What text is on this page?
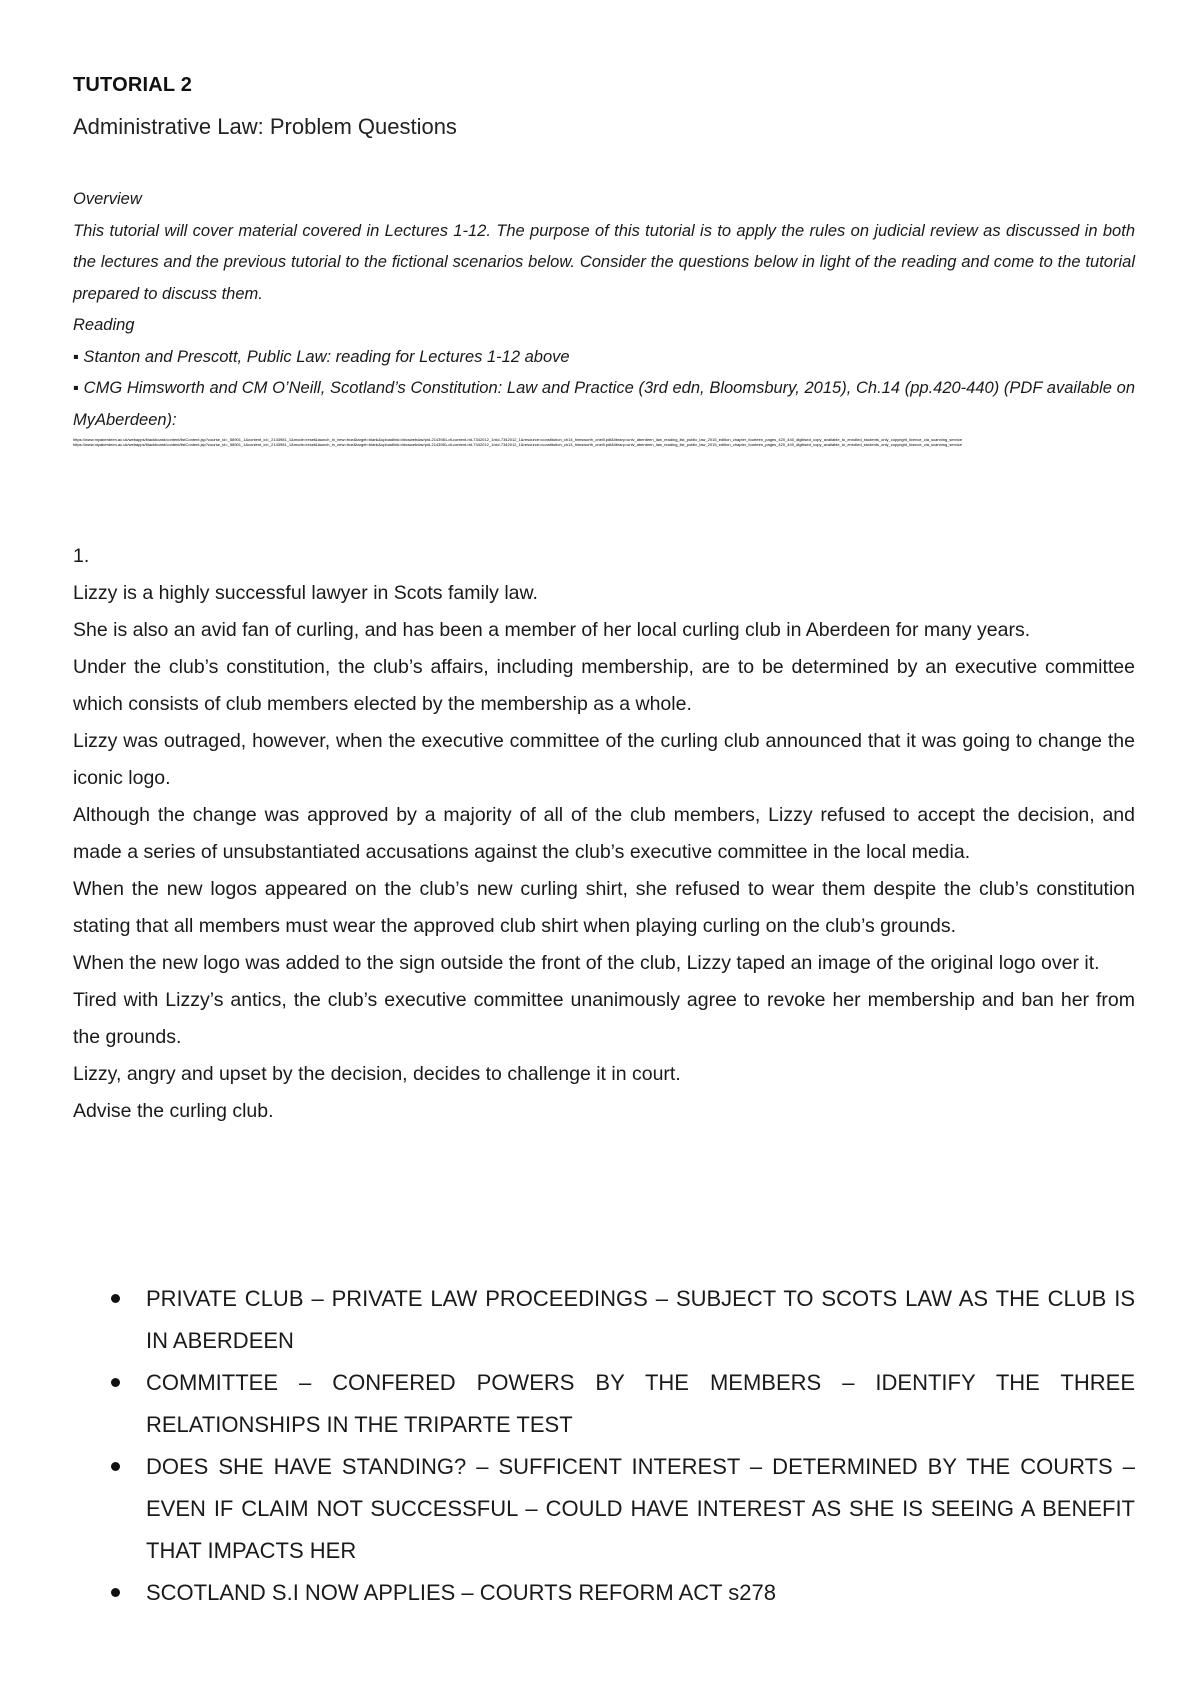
TUTORIAL 2
Administrative Law: Problem Questions

Overview

This tutorial will cover material covered in Lectures 1-12. The purpose of this tutorial is to apply the rules on judicial review as discussed in both the lectures and the previous tutorial to the fictional scenarios below. Consider the questions below in light of the reading and come to the tutorial prepared to discuss them.

Reading

▪ Stanton and Prescott, Public Law: reading for Lectures 1-12 above

▪ CMG Himsworth and CM O’Neill, Scotland’s Constitution: Law and Practice (3rd edn, Bloomsbury, 2015), Ch.14 (pp.420-440) (PDF available on MyAberdeen):

https://www.myaberdeen.ac.uk/webapps/blackboard/content/listContent.jsp?course_id=_58901_1&content_id=_2143981_1&mode=reset&launch_in_new=true&target=blank&uploadlink=bbcswebdav/pid-2143981-dt-content-rid-7342012_1/xid-7342012_1&resource=constitution_ch14_himsworth_oneill.pdf&library=univ_aberdeen_law_reading_list_public_law_2015_edition_chapter_fourteen_pages_420_440_digitised_copy_available_to_enrolled_students_only_copyright_licence_cla_scanning_service
https://www.myaberdeen.ac.uk/webapps/blackboard/content/listContent.jsp?course_id=_58901_1&content_id=_2143981_1&mode=reset&launch_in_new=true&target=blank&uploadlink=bbcswebdav/pid-2143981-dt-content-rid-7342012_1/xid-7342012_1&resource=constitution_ch14_himsworth_oneill.pdf&library=univ_aberdeen_law_reading_list_public_law_2015_edition_chapter_fourteen_pages_420_440_digitised_copy_available_to_enrolled_students_only_copyright_licence_cla_scanning_service

1.

Lizzy is a highly successful lawyer in Scots family law.

She is also an avid fan of curling, and has been a member of her local curling club in Aberdeen for many years.

Under the club’s constitution, the club’s affairs, including membership, are to be determined by an executive committee which consists of club members elected by the membership as a whole.

Lizzy was outraged, however, when the executive committee of the curling club announced that it was going to change the iconic logo.

Although the change was approved by a majority of all of the club members, Lizzy refused to accept the decision, and made a series of unsubstantiated accusations against the club’s executive committee in the local media.

When the new logos appeared on the club’s new curling shirt, she refused to wear them despite the club’s constitution stating that all members must wear the approved club shirt when playing curling on the club’s grounds.

When the new logo was added to the sign outside the front of the club, Lizzy taped an image of the original logo over it.

Tired with Lizzy’s antics, the club’s executive committee unanimously agree to revoke her membership and ban her from the grounds.

Lizzy, angry and upset by the decision, decides to challenge it in court.

Advise the curling club.

PRIVATE CLUB – PRIVATE LAW PROCEEDINGS – SUBJECT TO SCOTS LAW AS THE CLUB IS IN ABERDEEN
COMMITTEE – CONFERED POWERS BY THE MEMBERS – IDENTIFY THE THREE RELATIONSHIPS IN THE TRIPARTE TEST
DOES SHE HAVE STANDING? – SUFFICENT INTEREST – DETERMINED BY THE COURTS – EVEN IF CLAIM NOT SUCCESSFUL – COULD HAVE INTEREST AS SHE IS SEEING A BENEFIT THAT IMPACTS HER
SCOTLAND S.I NOW APPLIES – COURTS REFORM ACT s278
